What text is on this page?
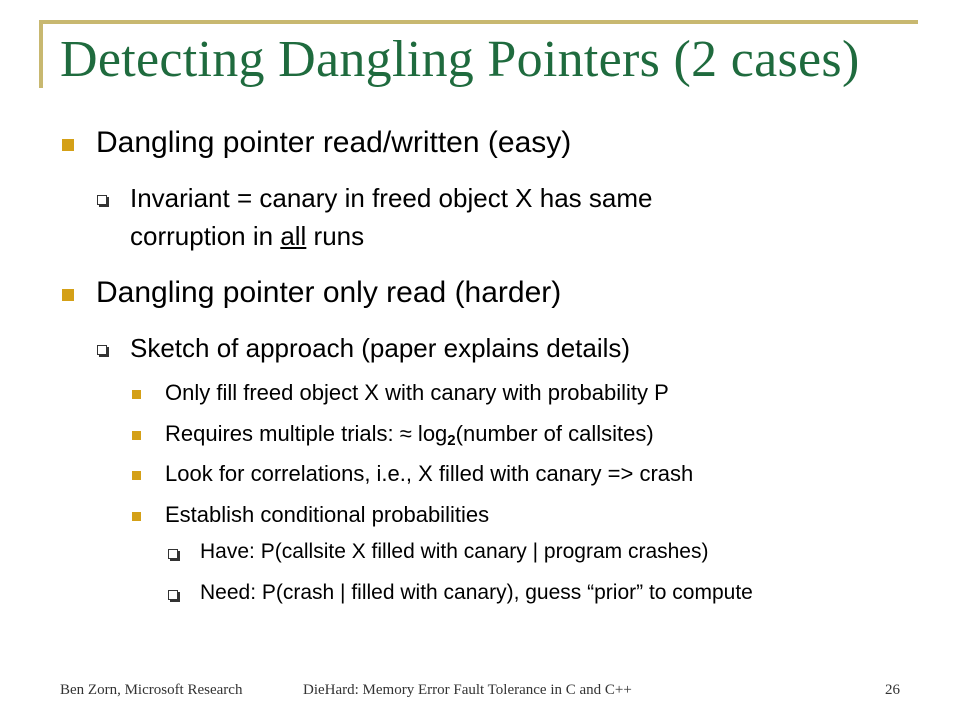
Detecting Dangling Pointers (2 cases)
Dangling pointer read/written (easy)
Invariant = canary in freed object X has same
corruption in all runs
Dangling pointer only read (harder)
Sketch of approach (paper explains details)
Only fill freed object X with canary with probability P
Requires multiple trials: ≈ $\log_2(number$ of callsites)
Look for correlations, i.e., X filled with canary => crash
Establish conditional probabilities
Have: P(callsite X filled with canary | program crashes)
Need: P(crash | filled with canary), guess “prior” to compute
Ben Zorn, Microsoft Research	DieHard: Memory Error Fault Tolerance in C and C++	26
